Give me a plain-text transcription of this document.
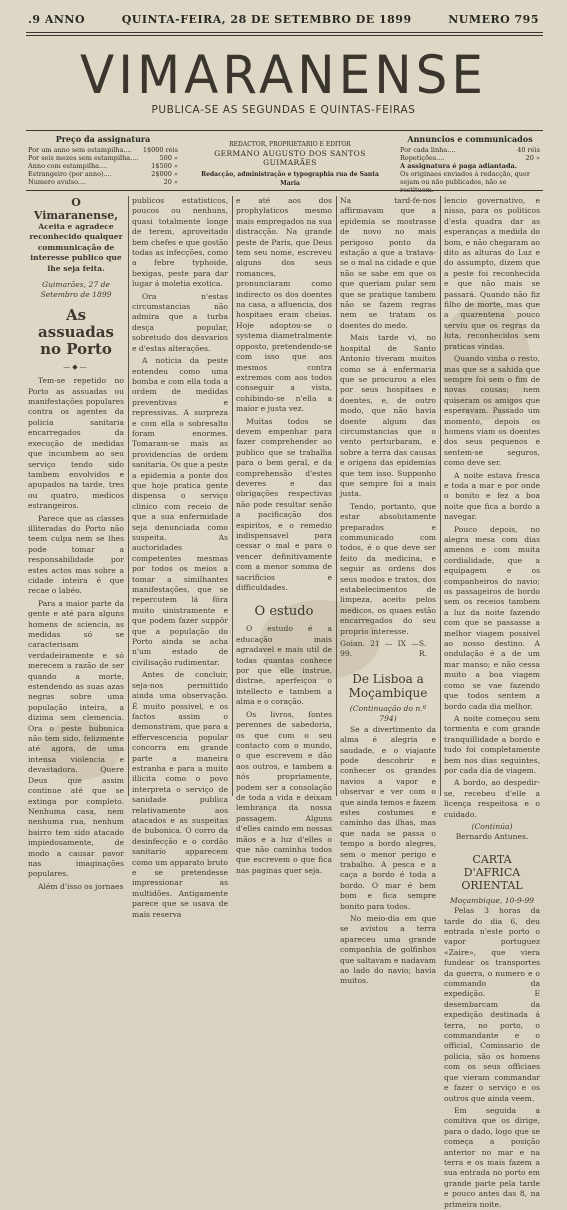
.9 ANNO	QUINTA-FEIRA, 28 DE SETEMBRO DE 1899	NUMERO 795
VIMARANENSE
PUBLICA-SE AS SEGUNDAS E QUINTAS-FEIRAS
Preço da assignatura
Por um anno sem estampilha.... 1$000 réis
Por seis mezes sem estampilha....	500 »
Anno com estampilha....	1$500 »
Estrangeiro (por anno)....	2$000 »
Numero avulso....	20 »
REDACTOR, PROPRIETARIO E EDITOR
GERMANO AUGUSTO DOS SANTOS GUIMARÃES
Redacção, administração e typographia rua de Santa Maria
Annuncios e communicados
Por cada linha....	40 réis
Repetições....	20 »
A assignatura é paga adiantada.
Os originaes enviados á redacção, quer sejam ou não publicados, não se restituem.
O Vimaranense,
Aceita e agradece reconhecido qualquer communicação de interesse publico que lhe seja feita.
Guimarães, 27 de Setembro de 1899
As assuadas no Porto
—◆—

Tem-se repetido no Porto as assuadas ou manifestações populares contra os agentes da policia sanitaria encarregados da execução de medidas que incumbem ao seu serviço tendo sido tambem envolvidos e apupados na tarde, tres ou quatro, medicos estrangeiros.

Parece que as classes illiteradas do Porto não teem culpa nem se lhes pode tomar a responsabilidade por estes actos mas sobre a cidade inteira é que recae o labéo.

Para a maior parte da gente e até para alguns homens de sciencia, as medidas só se caracterisam verdadeiramente e só merecem a razão de ser quando a morte, estendendo as suas azas negras sobre uma população inteira, a dizima sem clemencia. Ora o peste bubonica não tem sido, felizmente até agora, de uma intensa violencia e devastadora. Quere Deus que assim continue até que se extinga por completo. Nenhuma casa, nem nenhuma rua, nenhum bairro tem sido atacado impiedosamente, de modo a causar pavor nas imaginações populares.

Além d'isso os jornaes

publicos estatisticos, poucos ou nenhuns, quasi totalmente longe de terem, aproveitado bem chefes e que gostão todas as infecções, como a febre typhoide, bexigas, peste para dar lugar á moletia exotica.

Ora n'estas circumstancias não admira que a turba desça popular, sobretudo dos desvarios e d'estas alterações.

A noticia da peste entendeu como uma bomba e com ella toda a ordem de medidas preventivas e repressivas. A surpreza e com ella o sobresalto foram enormes. Tomaram-se mais as providencias de ordem sanitaria. Os que a peste a epidemia a ponte dos que hoje pratica gente dispensa o serviço clinico com receio de que a sua enfermidade seja denunciada como suspeita. As auctoridades competentes mesmas por todos os meios a tomar a similhantes manifestações, que se repercutem lá fóra muito sinistramente e que podem fazer suppôr que a população do Porto ainda se acha n'um estado de civilisação rudimentar.

Antes de concluir, seja-nos permittido ainda uma observação. É muito possivel, e os factos assim o demonstram, que para a effervescencia popular concorra em grande parte a maneira estranha e para a muito illicita como o povo interpreta o serviço de sanidade publica relativamente aos atacados e as suspeitas de bubonica. O corro da desinfecção e o cordão sanitario apparecem como um apparato bruto e se pretendesse impressionar as multidões. Antigamente parece que se usava de mais reserva

e até aos dos prophylaticos mesmo mais empregados na sua distracção. Na grande peste de Paris, que Deus tem seu nome, escreveu alguns dos seus romances, pronunciaram como indirecto os dos doentes na casa, a afluencia, dos hospitaes eram cheias. Hoje adoptou-se o systema diametralmente opposto, pretendendo-se com isso que aos mesmos contra extremos com aos todos conseguir a vista, cohibindo-se n'ella a maior e justa vez.

Muitas todos se devem empenhar para fazer comprehender ao publico que se trabalha para o bem geral, e da comprehensão d'estes deveres e das obrigações respectivas não pode resultar senão a pacificação dos espiritos, e o remedio indispensavel para cessar o mal e para o vencer definitivamente com a menor somma de sacrificios e difficuldades.

O estudo

O estudo é a educação mais agradavel e mais util de todas quantas conhece por que elle instrue, distrae, aperfeiçoa o intellecto e tambem a alma e o coração.

Os livros, fontes perennes de sabedoria, os que com o seu contacto com o mundo, o que escrevem e dão aos outros, e tambem a nós propriamente, podem ser a consolação de toda a vida e deixam lembrança da nossa passagem. Alguns d'elles caindo em nossas mãos e a luz d'elles o que não caminha todos que escrevem o que fica nas paginas quer seja.

Na tard-fe-nos affirmavam que a epidemia se mostrasse de novo no mais perigoso ponto da estação a que a tratava-se o mal na cidade e que não se sabe em que os que queriam pular sem que se pratique tambem não se fazem regras nem se tratam os doentes do medo.

Mais tarde vi, no hospital de Santo Antonio tiveram muitos como se á enfermaria que se procurou a eles por seus hospitaes e doentes, e, de outro modo, que não havia doente algum das circumstancias que o vento perturbaram, e sobre a terra das causas e origens das epidemias que tem isso. Supponho que sempre foi a mais justa.

Tendo, portanto, que estar absolutamente preparados e communicado com todos, é o que deve ser feito da medicina, e seguir as ordens dos seus modos e tratos, dos estabelecimentos de limpeza, aceito pelos medicos, os quaes estão encarregados do seu proprio interesse.

Goian. 21 — IX — 99.
S. R.
De Lisboa a Moçambique
(Continuação do n.º 794)

Se a divertimento da alma é alegria e saudade, e o viajante pode descobrir e conhecer os grandes navios a vapor e observar e ver com o que ainda temos e fazem estes costumes e caminho das ilhas, mas que nada se passa o tempo a bordo alegres, sem o menor perigo e trabalho. A pesca e a caça a bordo é toda a bordo. O mar é bem bom e fica sempre bonito para todos.

No meio-dia em que se avistou a terra apareceu uma grande companhia de golfinhos que saltavam e nadavam ao lado do navio; havia muitos.

lencio governativo, e nisso, para os politicos d'esta quadra dar as esperanças a medida do bom, e não chegaram ao dito as alturas do Luz e do assumpto, dizem que a peste foi reconhecida e que não mais se passará. Quando não fiz filho de morte, mas que a quarentena pouco serviu que os regras da luta, reconhecidos sem praticas vindas.

Quando vinha o resto, mas que se a sahida que sempre foi sem o fim de novas cousas; nem quiseram os amigos que esperavam. Passado um momento, depois os homens viam os doentes dos seus pequenos e sentem-se seguros, como deve ser.

A noite estava fresca e toda a mar e por onde o bonito e fez a boa noite que fica a bordo a navegar.

Pouco depois, no alegra mesa com dias amenos e com muita cordialidade, que a equipagem e os companheiros do navio; os passageiros de bordo sem os receios tambem a luz da noite fazendo com que se passasse a melhor viagem possivel ao nosso destino. A ondulação é a de um mar manso; e não cessa muito a boa viagem como se vae fazendo que todos sentem a bordo cada dia melhor.

A noite começou sem tormenta e com grande tranquillidade a bordo e tudo foi completamente bem nos dias seguintes, por cada dia de viagem.

A bordo, ao despedir-se, recebeu d'elle a licença respeitosa e o cuidado.

(Continúa)
Bernardo Antunes.
CARTA D'AFRICA ORIENTAL
Moçambique, 10-9-99

Pelas 3 horas da tarde do dia 6, deu entrada n'este porto o vapor portuguez «Zaire», que viera fundear os transportes da guerra, o numero e o commando da expedição. E desembarcam da expedição destinada á terra, no porto, o commandante e o official, Comissario de policia, são os homens com os seus officiaes que vieram commandar e fazer o serviço e os outros que ainda veem.

Em seguida a comitiva que os dirige, para o dado, logo que se começa a posição anterior no mar e na terra e os mais fazem a sua entrada no porto em grande parte pela tarde e pouco antes das 8, na primeira noite.
